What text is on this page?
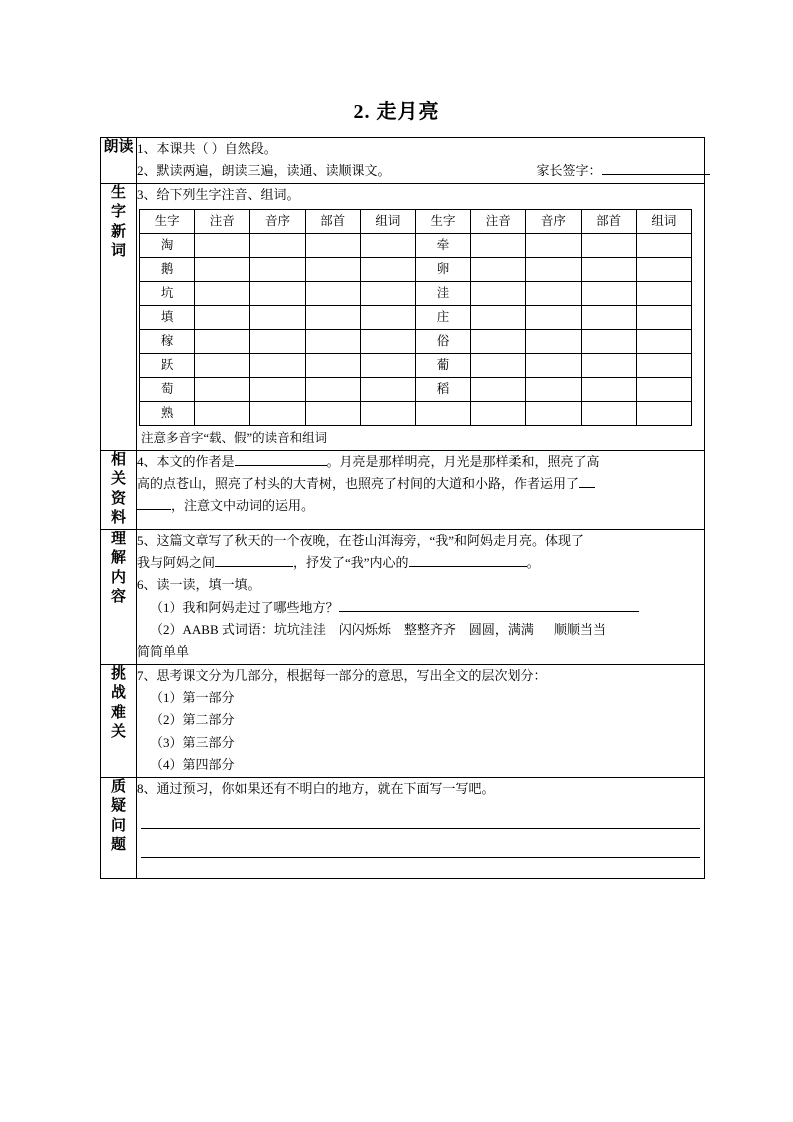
2. 走月亮
朗读	1、本课共（ ）自然段。
2、默读两遍，朗读三遍，读通、读顺课文。	家长签字：

生
字
新
词

3、给下列生字注音、组词。
生字	注音	音序	部首	组词	生字	注音	音序	部首	组词
淘					牵				
鹅					卵				
坑					洼				
填					庄				
稼					俗				
跃					葡				
萄					稻				
熟									
注意多音字“载、假”的读音和组词

相
关
资
料

4、本文的作者是	。月亮是那样明亮，月光是那样柔和，照亮了高
高的点苍山，照亮了村头的大青树，也照亮了村间的大道和小路，作者运用了
，注意文中动词的运用。

理
解
内
容

5、这篇文章写了秋天的一个夜晚，在苍山洱海旁，“我”和阿妈走月亮。体现了
我与阿妈之间	，抒发了“我”内心的	。
6、读一读，填一填。
（1）我和阿妈走过了哪些地方？
（2）AABB 式词语：坑坑洼洼 闪闪烁烁 整整齐齐 圆圆，满满 顺顺当当
简简单单

挑
战
难
关

7、思考课文分为几部分，根据每一部分的意思，写出全文的层次划分：
（1）第一部分
（2）第二部分
（3）第三部分
（4）第四部分

质
疑
问
题

8、通过预习，你如果还有不明白的地方，就在下面写一写吧。
